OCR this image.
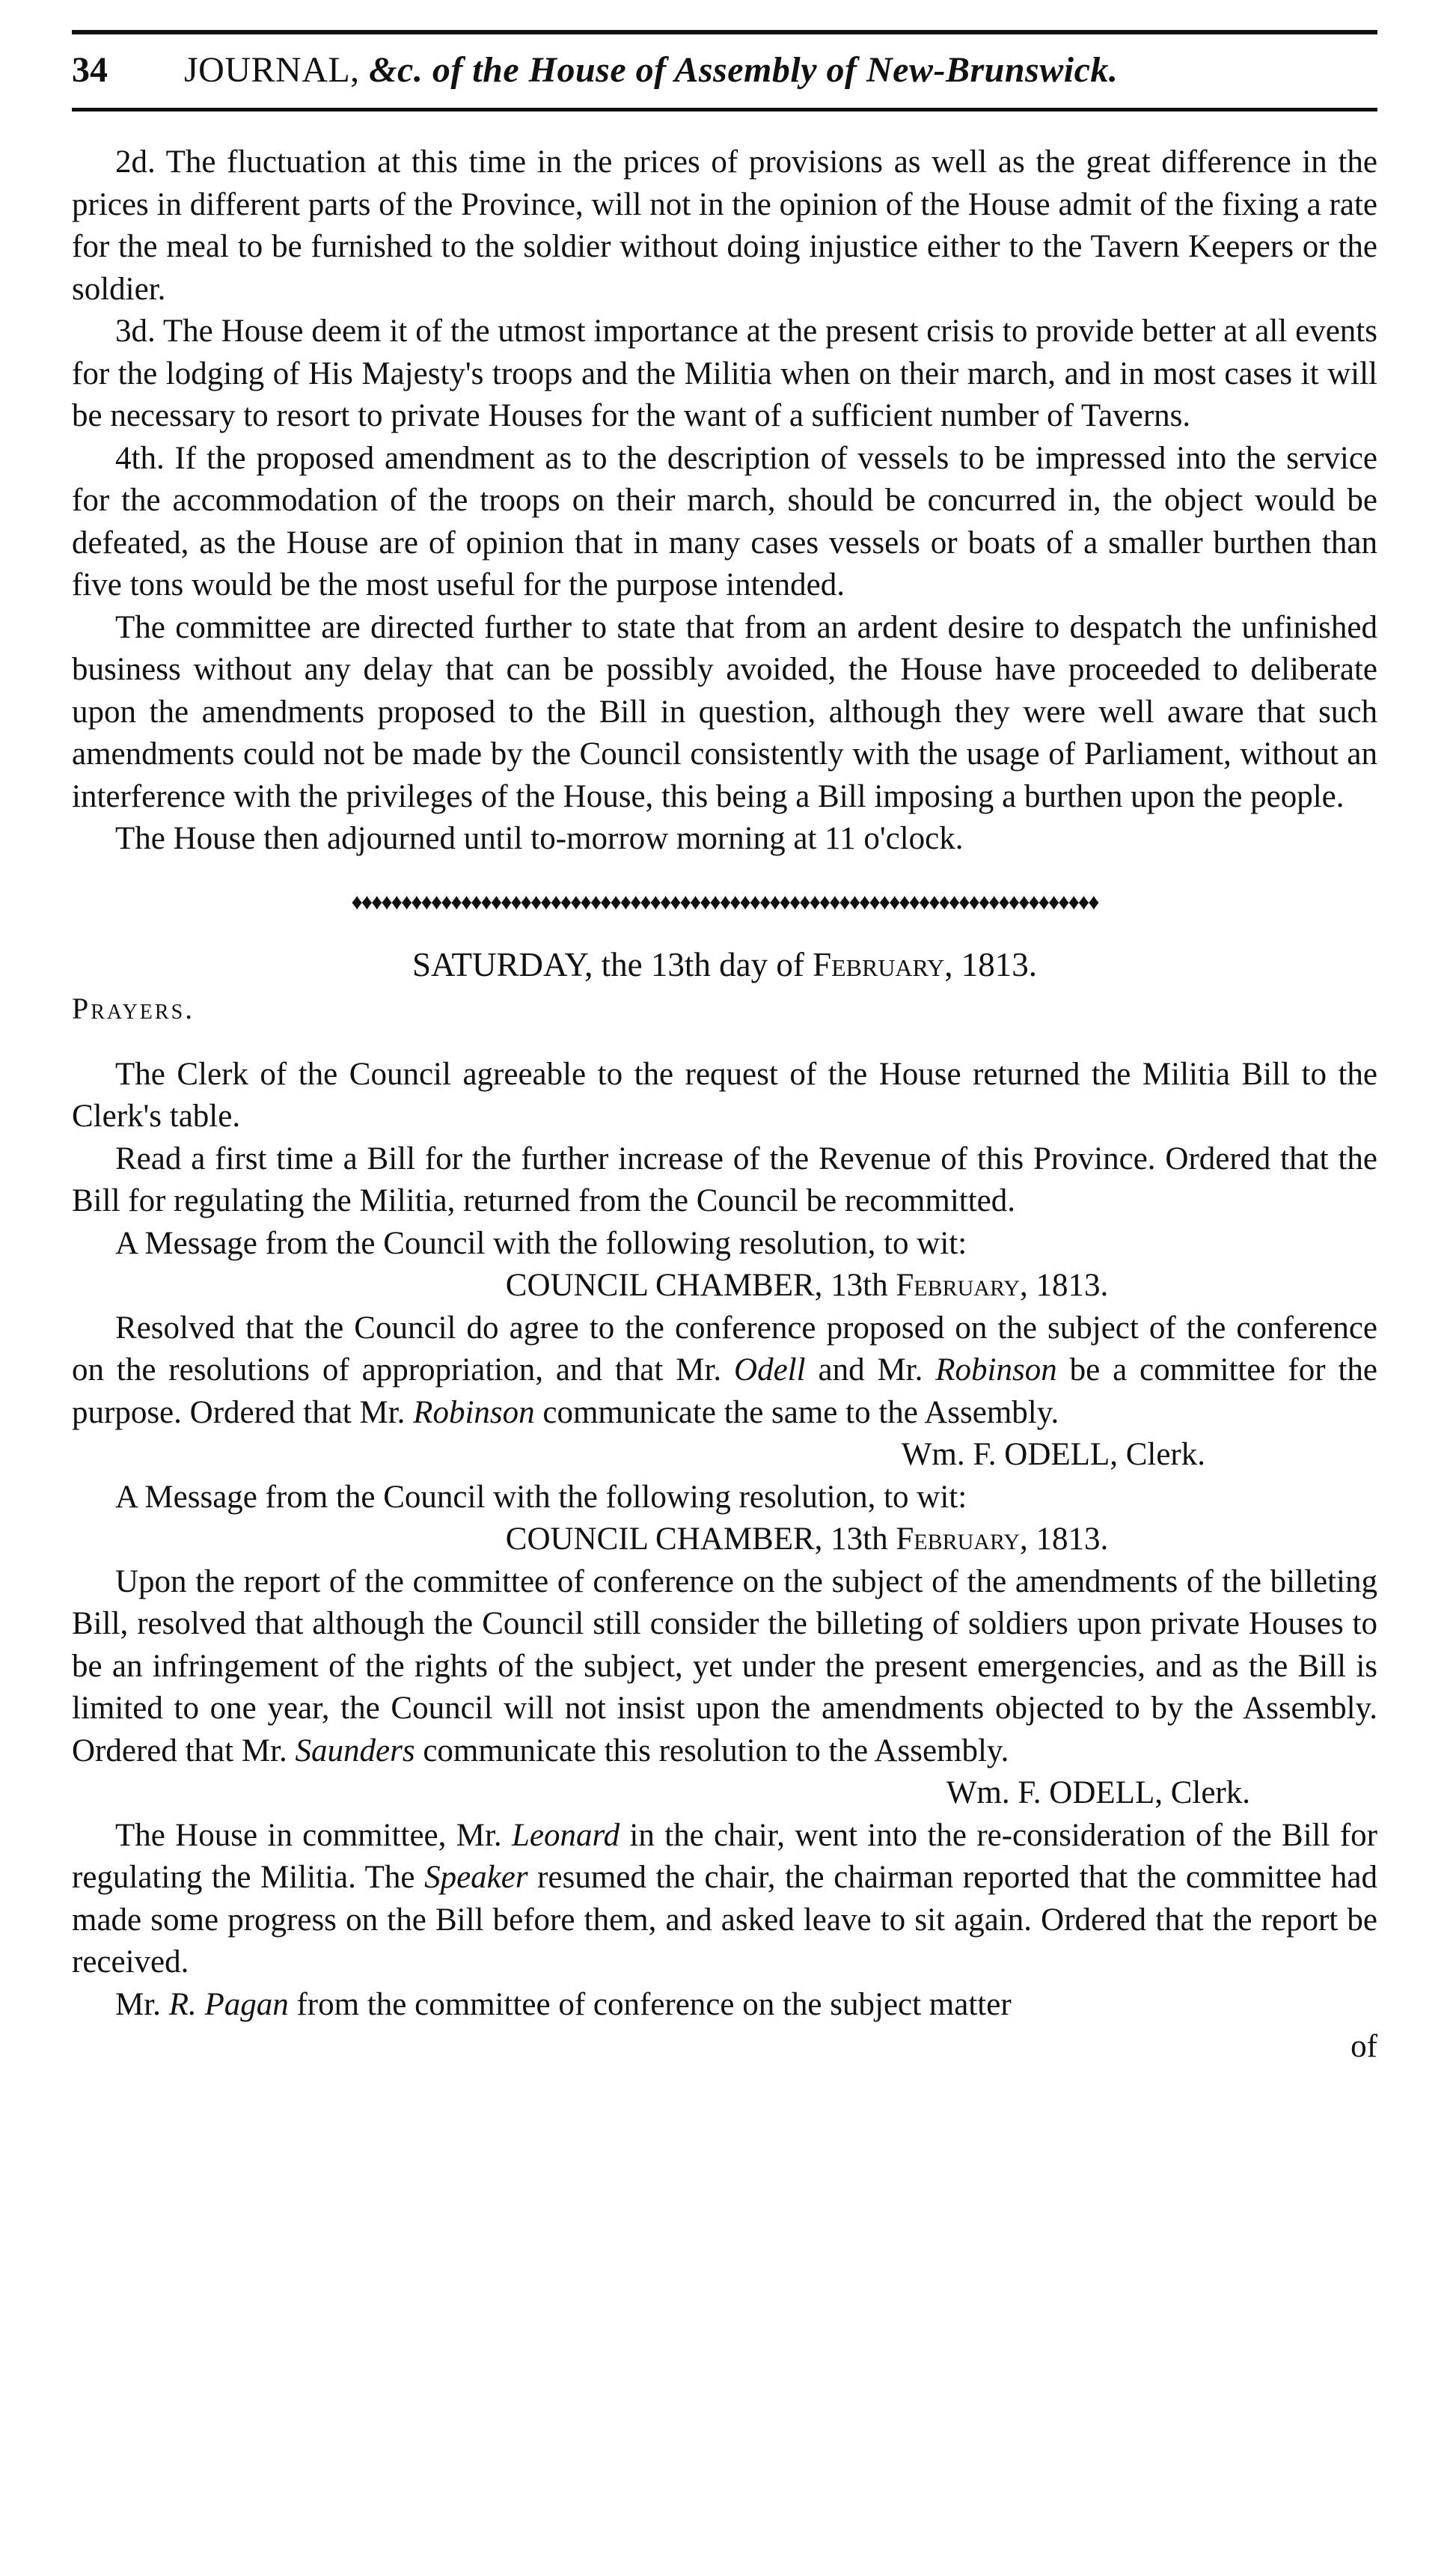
34	JOURNAL, &c. of the House of Assembly of New-Brunswick.

2d. The fluctuation at this time in the prices of provisions as well as the great difference in the prices in different parts of the Province, will not in the opinion of the House admit of the fixing a rate for the meal to be furnished to the soldier without doing injustice either to the Tavern Keepers or the soldier.

3d. The House deem it of the utmost importance at the present crisis to provide better at all events for the lodging of His Majesty's troops and the Militia when on their march, and in most cases it will be necessary to resort to private Houses for the want of a sufficient number of Taverns.

4th. If the proposed amendment as to the description of vessels to be impressed into the service for the accommodation of the troops on their march, should be concurred in, the object would be defeated, as the House are of opinion that in many cases vessels or boats of a smaller burthen than five tons would be the most useful for the purpose intended.

The committee are directed further to state that from an ardent desire to despatch the unfinished business without any delay that can be possibly avoided, the House have proceeded to deliberate upon the amendments proposed to the Bill in question, although they were well aware that such amendments could not be made by the Council consistently with the usage of Parliament, without an interference with the privileges of the House, this being a Bill imposing a burthen upon the people.

The House then adjourned until to-morrow morning at 11 o'clock.

♦♦♦♦♦♦♦♦♦♦♦♦♦♦♦♦♦♦♦♦♦♦♦♦♦♦♦♦♦♦♦♦♦♦♦♦♦♦♦♦♦♦♦♦♦♦♦♦♦♦♦♦♦♦♦♦♦♦♦♦♦♦♦♦♦♦♦♦♦♦♦♦♦♦♦

SATURDAY, the 13th day of February, 1813.

Prayers.

The Clerk of the Council agreeable to the request of the House returned the Militia Bill to the Clerk's table.

Read a first time a Bill for the further increase of the Revenue of this Province. Ordered that the Bill for regulating the Militia, returned from the Council be recommitted.

A Message from the Council with the following resolution, to wit:

COUNCIL CHAMBER, 13th February, 1813.

Resolved that the Council do agree to the conference proposed on the subject of the conference on the resolutions of appropriation, and that Mr. Odell and Mr. Robinson be a committee for the purpose. Ordered that Mr. Robinson communicate the same to the Assembly.

Wm. F. ODELL, Clerk.

A Message from the Council with the following resolution, to wit:

COUNCIL CHAMBER, 13th February, 1813.

Upon the report of the committee of conference on the subject of the amendments of the billeting Bill, resolved that although the Council still consider the billeting of soldiers upon private Houses to be an infringement of the rights of the subject, yet under the present emergencies, and as the Bill is limited to one year, the Council will not insist upon the amendments objected to by the Assembly. Ordered that Mr. Saunders communicate this resolution to the Assembly.

Wm. F. ODELL, Clerk.

The House in committee, Mr. Leonard in the chair, went into the re-consideration of the Bill for regulating the Militia. The Speaker resumed the chair, the chairman reported that the committee had made some progress on the Bill before them, and asked leave to sit again. Ordered that the report be received.

Mr. R. Pagan from the committee of conference on the subject matter

of
